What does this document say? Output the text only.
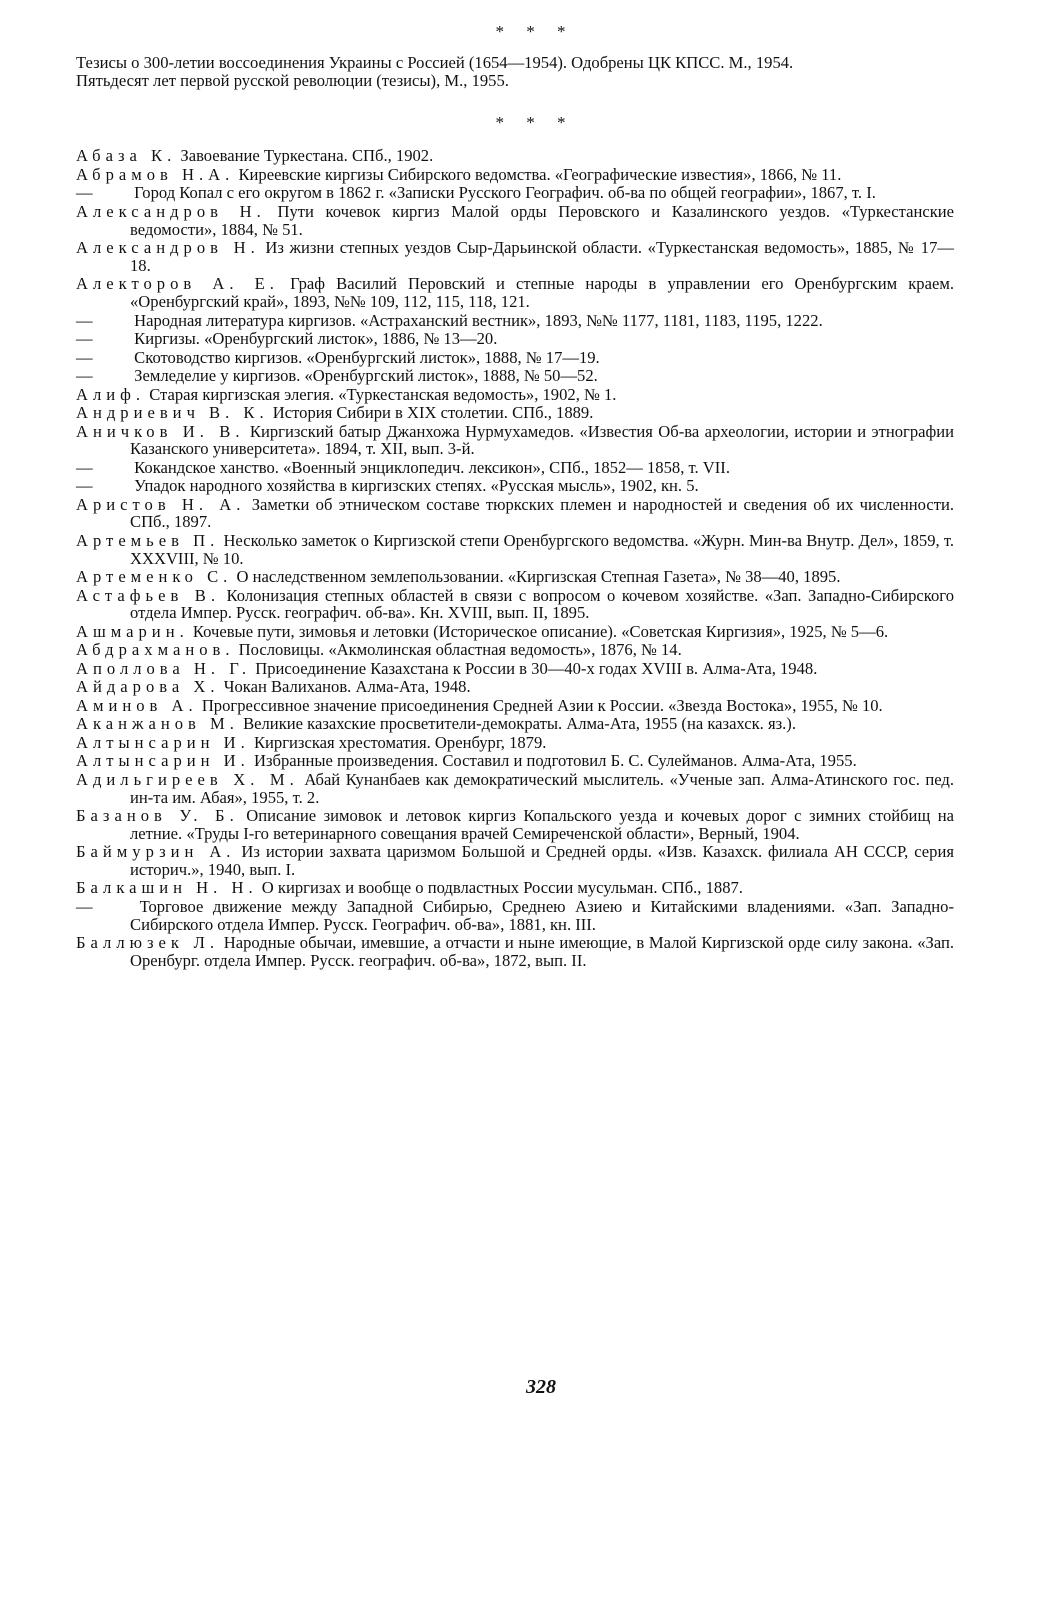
* * *
Тезисы о 300-летии воссоединения Украины с Россией (1654—1954). Одобрены ЦК КПСС. М., 1954.
Пятьдесят лет первой русской революции (тезисы), М., 1955.
* * *
Абаза К. Завоевание Туркестана. СПб., 1902.
Абрамов Н.А. Киреевские киргизы Сибирского ведомства. «Географические известия», 1866, № 11.
—	Город Копал с его округом в 1862 г. «Записки Русского Географич. об-ва по общей географии», 1867, т. I.
Александров Н. Пути кочевок киргиз Малой орды Перовского и Казалинского уездов. «Туркестанские ведомости», 1884, № 51.
Александров Н. Из жизни степных уездов Сыр-Дарьинской области. «Туркестанская ведомость», 1885, № 17—18.
Алекторов А. Е. Граф Василий Перовский и степные народы в управлении его Оренбургским краем. «Оренбургский край», 1893, №№ 109, 112, 115, 118, 121.
—	Народная литература киргизов. «Астраханский вестник», 1893, №№ 1177, 1181, 1183, 1195, 1222.
—	Киргизы. «Оренбургский листок», 1886, № 13—20.
—	Скотоводство киргизов. «Оренбургский листок», 1888, № 17—19.
—	Земледелие у киргизов. «Оренбургский листок», 1888, № 50—52.
Алиф. Старая киргизская элегия. «Туркестанская ведомость», 1902, № 1.
Андриевич В. К. История Сибири в XIX столетии. СПб., 1889.
Аничков И. В. Киргизский батыр Джанхожа Нурмухамедов. «Известия Об-ва археологии, истории и этнографии Казанского университета». 1894, т. XII, вып. 3-й.
—	Кокандское ханство. «Военный энциклопедич. лексикон», СПб., 1852— 1858, т. VII.
—	Упадок народного хозяйства в киргизских степях. «Русская мысль», 1902, кн. 5.
Аристов Н. А. Заметки об этническом составе тюркских племен и народностей и сведения об их численности. СПб., 1897.
Артемьев П. Несколько заметок о Киргизской степи Оренбургского ведомства. «Журн. Мин-ва Внутр. Дел», 1859, т. XXXVIII, № 10.
Артеменко С. О наследственном землепользовании. «Киргизская Степная Газета», № 38—40, 1895.
Астафьев В. Колонизация степных областей в связи с вопросом о кочевом хозяйстве. «Зап. Западно-Сибирского отдела Импер. Русск. географич. об-ва». Кн. XVIII, вып. II, 1895.
Ашмарин. Кочевые пути, зимовья и летовки (Историческое описание). «Советская Киргизия», 1925, № 5—6.
Абдрахманов. Пословицы. «Акмолинская областная ведомость», 1876, № 14.
Аполлова Н. Г. Присоединение Казахстана к России в 30—40-х годах XVIII в. Алма-Ата, 1948.
Айдарова Х. Чокан Валиханов. Алма-Ата, 1948.
Аминов А. Прогрессивное значение присоединения Средней Азии к России. «Звезда Востока», 1955, № 10.
Аканжанов М. Великие казахские просветители-демократы. Алма-Ата, 1955 (на казахск. яз.).
Алтынсарин И. Киргизская хрестоматия. Оренбург, 1879.
Алтынсарин И. Избранные произведения. Составил и подготовил Б. С. Сулейманов. Алма-Ата, 1955.
Адильгиреев Х. М. Абай Кунанбаев как демократический мыслитель. «Ученые зап. Алма-Атинского гос. пед. ин-та им. Абая», 1955, т. 2.
Базанов У. Б. Описание зимовок и летовок киргиз Копальского уезда и кочевых дорог с зимних стойбищ на летние. «Труды I-го ветеринарного совещания врачей Семиреченской области», Верный, 1904.
Баймурзин А. Из истории захвата царизмом Большой и Средней орды. «Изв. Казахск. филиала АН СССР, серия историч.», 1940, вып. I.
Балкашин Н. Н. О киргизах и вообще о подвластных России мусульман. СПб., 1887.
—	Торговое движение между Западной Сибирью, Среднею Азиею и Китайскими владениями. «Зап. Западно-Сибирского отдела Импер. Русск. Географич. об-ва», 1881, кн. III.
Баллюзек Л. Народные обычаи, имевшие, а отчасти и ныне имеющие, в Малой Киргизской орде силу закона. «Зап. Оренбург. отдела Импер. Русск. географич. об-ва», 1872, вып. II.
328
